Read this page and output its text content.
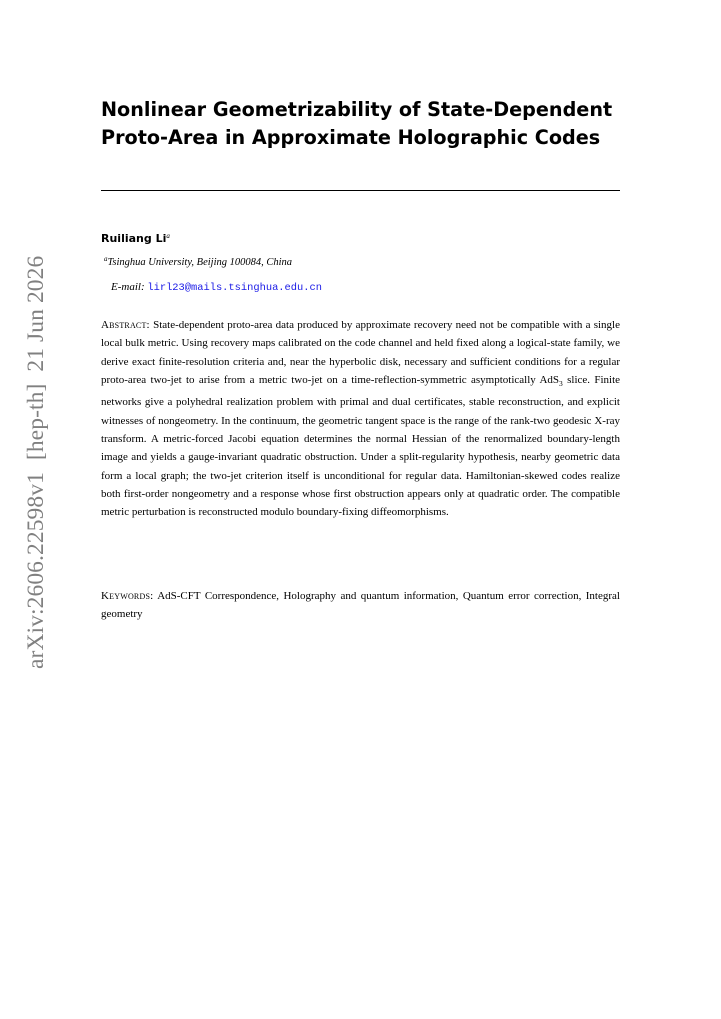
arXiv:2606.22598v1  [hep-th]  21 Jun 2026
Nonlinear Geometrizability of State-Dependent
Proto-Area in Approximate Holographic Codes
Ruiliang Li$^a$
$^a$Tsinghua University, Beijing 100084, China
E-mail: lirl23@mails.tsinghua.edu.cn

Abstract: State-dependent proto-area data produced by approximate recovery need not be compatible with a single local bulk metric. Using recovery maps calibrated on the code channel and held fixed along a logical-state family, we derive exact finite-resolution criteria and, near the hyperbolic disk, necessary and sufficient conditions for a regular proto-area two-jet to arise from a metric two-jet on a time-reflection-symmetric asymptotically AdS$_3$ slice. Finite networks give a polyhedral realization problem with primal and dual certificates, stable reconstruction, and explicit witnesses of nongeometry. In the continuum, the geometric tangent space is the range of the rank-two geodesic X-ray transform. A metric-forced Jacobi equation determines the normal Hessian of the renormalized boundary-length image and yields a gauge-invariant quadratic obstruction. Under a split-regularity hypothesis, nearby geometric data form a local graph; the two-jet criterion itself is unconditional for regular data. Hamiltonian-skewed codes realize both first-order nongeometry and a response whose first obstruction appears only at quadratic order. The compatible metric perturbation is reconstructed modulo boundary-fixing diffeomorphisms.

Keywords: AdS-CFT Correspondence, Holography and quantum information, Quantum error correction, Integral geometry
